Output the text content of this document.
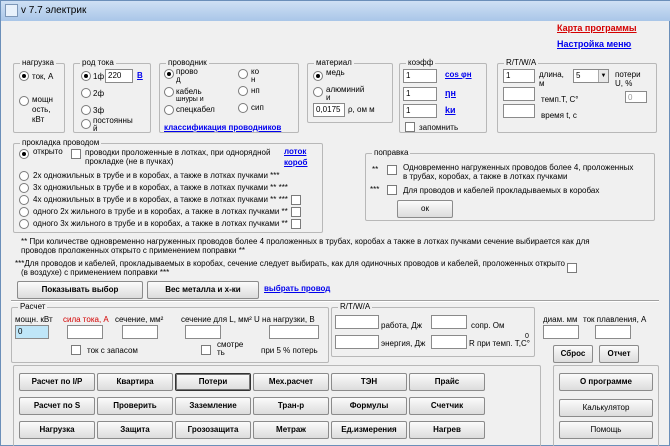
v 7.7 электрик
Карта программы
Настройка меню
нагрузка
ток, А
мощн
ость,
кВт
род тока
1ф 220	В
2ф
3ф
постоянны
й
проводник
прово
д
кабель
шнуры и
спецкабел
ко
н
нп
сип
классификация проводников
материал
медь
алюминий
и
0,0175 ρ, ом м
коэфф
1	cos φн
1	ηн
1	kи
запомнить
R/T/W/A
1	длина,
м
5	▼ потери
U, %
темп.T, C°
время t, с
0
прокладка проводом
открыто	проводки проложенные в лотках, при однорядной
прокладке (не в пучках)
лоток
короб
2х одножильных в трубе и в коробах, а также в лотках пучками ***
3х одножильных в трубе и в коробах, а также в лотках пучками ** ***
4х одножильных в трубе и в коробах, а также в лотках пучками ** ***
одного 2х жильного в трубе и в коробах, а также в лотках пучками **
одного 3х жильного в трубе и в коробах, а также в лотках пучками **
поправка
**	Одновременно нагруженных проводов более 4, проложенных
в трубах, коробах, а также в лотках пучками
***	Для проводов и кабелей прокладываемых в коробах
ок
** При количестве одновременно нагруженных проводов более 4 проложенных в трубах, коробах а также в лотках пучками сечение выбирается как для
проводов проложенных открыто с применением поправки **
***Для проводов и кабелей, прокладываемых в коробах, сечение следует выбирать, как для одиночных проводов и кабелей, проложенных открыто
(в воздухе) с применением поправки ***
Показывать выбор	Вес металла и х-ки	выбрать провод
Расчет
мощн. кВт
0
сила тока, А сечение, мм²
ток с запасом
сечение для L, мм² U на нагрузки, В
смотре
ть	при 5 % потерь
R/T/W/A
работа, Дж	сопр. Ом
энергия, Дж	R при темп. T,C°
0
диам. мм ток плавления, А
Сброс	Отчет
Расчет по I/P	Квартира	Потери	Мех.расчет	ТЭН	Прайс
Расчет по S	Проверить	Заземление	Тран-р	Формулы	Счетчик
Нагрузка	Защита	Грозозащита	Метраж	Ед.измерения	Нагрев
О программе
Калькулятор
Помощь
